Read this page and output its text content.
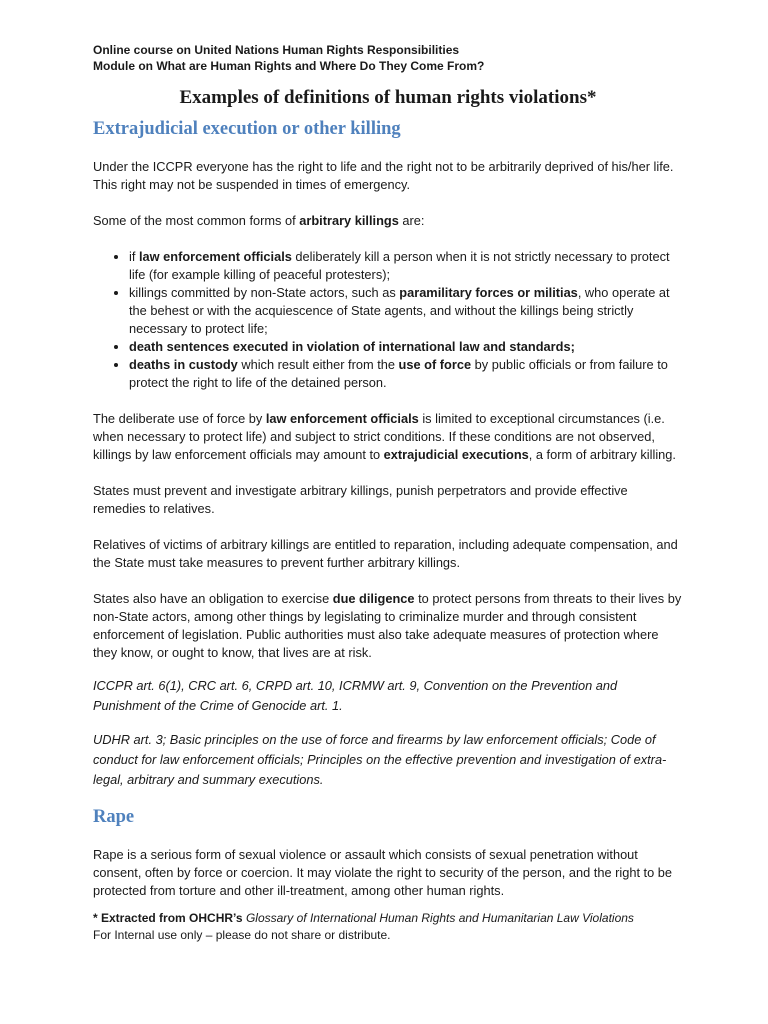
Online course on United Nations Human Rights Responsibilities
Module on What are Human Rights and Where Do They Come From?
Examples of definitions of human rights violations*
Extrajudicial execution or other killing

Under the ICCPR everyone has the right to life and the right not to be arbitrarily deprived of his/her life. This right may not be suspended in times of emergency.

Some of the most common forms of arbitrary killings are:

• if law enforcement officials deliberately kill a person when it is not strictly necessary to protect life (for example killing of peaceful protesters);
• killings committed by non-State actors, such as paramilitary forces or militias, who operate at the behest or with the acquiescence of State agents, and without the killings being strictly necessary to protect life;
• death sentences executed in violation of international law and standards;
• deaths in custody which result either from the use of force by public officials or from failure to protect the right to life of the detained person.

The deliberate use of force by law enforcement officials is limited to exceptional circumstances (i.e. when necessary to protect life) and subject to strict conditions. If these conditions are not observed, killings by law enforcement officials may amount to extrajudicial executions, a form of arbitrary killing.

States must prevent and investigate arbitrary killings, punish perpetrators and provide effective remedies to relatives.

Relatives of victims of arbitrary killings are entitled to reparation, including adequate compensation, and the State must take measures to prevent further arbitrary killings.

States also have an obligation to exercise due diligence to protect persons from threats to their lives by non-State actors, among other things by legislating to criminalize murder and through consistent enforcement of legislation. Public authorities must also take adequate measures of protection where they know, or ought to know, that lives are at risk.

ICCPR art. 6(1), CRC art. 6, CRPD art. 10, ICRMW art. 9, Convention on the Prevention and Punishment of the Crime of Genocide art. 1.

UDHR art. 3; Basic principles on the use of force and firearms by law enforcement officials; Code of conduct for law enforcement officials; Principles on the effective prevention and investigation of extra-legal, arbitrary and summary executions.

Rape

Rape is a serious form of sexual violence or assault which consists of sexual penetration without consent, often by force or coercion. It may violate the right to security of the person, and the right to be protected from torture and other ill-treatment, among other human rights.

* Extracted from OHCHR’s Glossary of International Human Rights and Humanitarian Law Violations
For Internal use only – please do not share or distribute.
